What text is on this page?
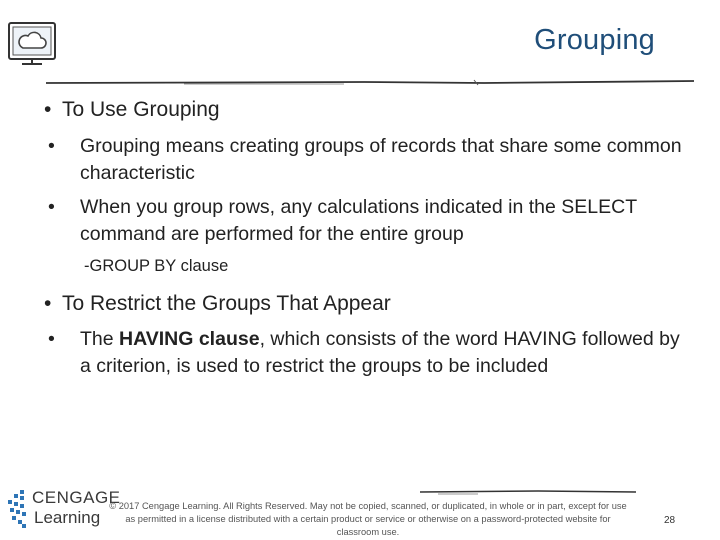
Grouping
• To Use Grouping
• Grouping means creating groups of records that share some common characteristic
• When you group rows, any calculations indicated in the SELECT command are performed for the entire group
-GROUP BY clause
• To Restrict the Groups That Appear
• The HAVING clause, which consists of the word HAVING followed by a criterion, is used to restrict the groups to be included
CENGAGE
Learning
© 2017 Cengage Learning. All Rights Reserved. May not be copied, scanned, or duplicated, in whole or in part, except for use as permitted in a license distributed with a certain product or service or otherwise on a password-protected website for classroom use.
28
